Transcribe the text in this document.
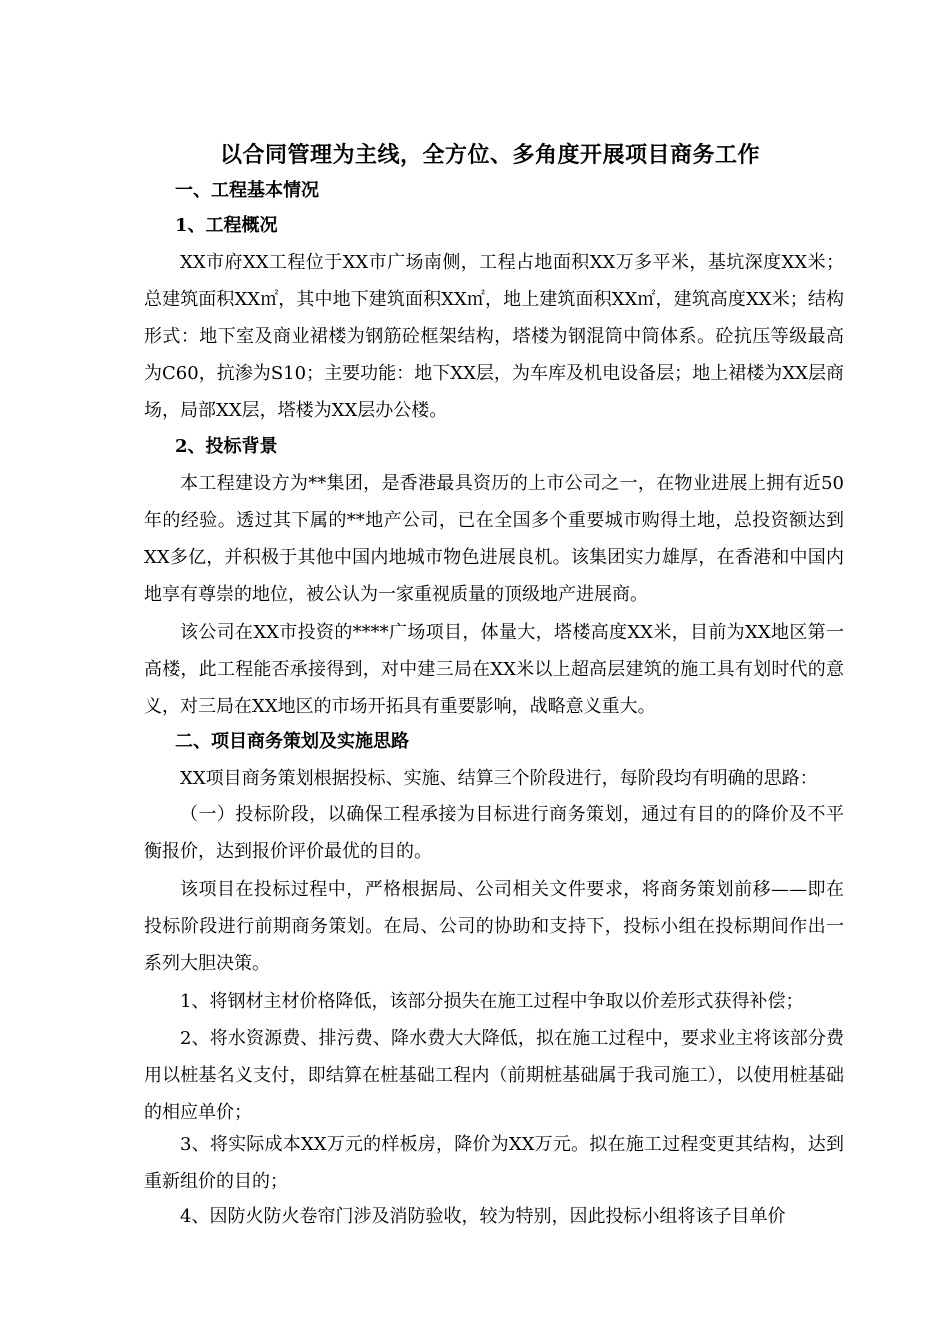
以合同管理为主线，全方位、多角度开展项目商务工作
一、工程基本情况
1、工程概况
XX市府XX工程位于XX市广场南侧，工程占地面积XX万多平米，基坑深度XX米；总建筑面积XX㎡，其中地下建筑面积XX㎡，地上建筑面积XX㎡，建筑高度XX米；结构形式：地下室及商业裙楼为钢筋砼框架结构，塔楼为钢混筒中筒体系。砼抗压等级最高为C60，抗渗为S10；主要功能：地下XX层，为车库及机电设备层；地上裙楼为XX层商场，局部XX层，塔楼为XX层办公楼。
2、投标背景
本工程建设方为**集团，是香港最具资历的上市公司之一，在物业进展上拥有近50年的经验。透过其下属的**地产公司，已在全国多个重要城市购得土地，总投资额达到XX多亿，并积极于其他中国内地城市物色进展良机。该集团实力雄厚，在香港和中国内地享有尊崇的地位，被公认为一家重视质量的顶级地产进展商。
该公司在XX市投资的****广场项目，体量大，塔楼高度XX米，目前为XX地区第一高楼，此工程能否承接得到，对中建三局在XX米以上超高层建筑的施工具有划时代的意义，对三局在XX地区的市场开拓具有重要影响，战略意义重大。
二、项目商务策划及实施思路
XX项目商务策划根据投标、实施、结算三个阶段进行，每阶段均有明确的思路：
（一）投标阶段，以确保工程承接为目标进行商务策划，通过有目的的降价及不平衡报价，达到报价评价最优的目的。
该项目在投标过程中，严格根据局、公司相关文件要求，将商务策划前移——即在投标阶段进行前期商务策划。在局、公司的协助和支持下，投标小组在投标期间作出一系列大胆决策。
1、将钢材主材价格降低，该部分损失在施工过程中争取以价差形式获得补偿；
2、将水资源费、排污费、降水费大大降低，拟在施工过程中，要求业主将该部分费用以桩基名义支付，即结算在桩基础工程内（前期桩基础属于我司施工），以使用桩基础的相应单价；
3、将实际成本XX万元的样板房，降价为XX万元。拟在施工过程变更其结构，达到重新组价的目的；
4、因防火防火卷帘门涉及消防验收，较为特别，因此投标小组将该子目单价
